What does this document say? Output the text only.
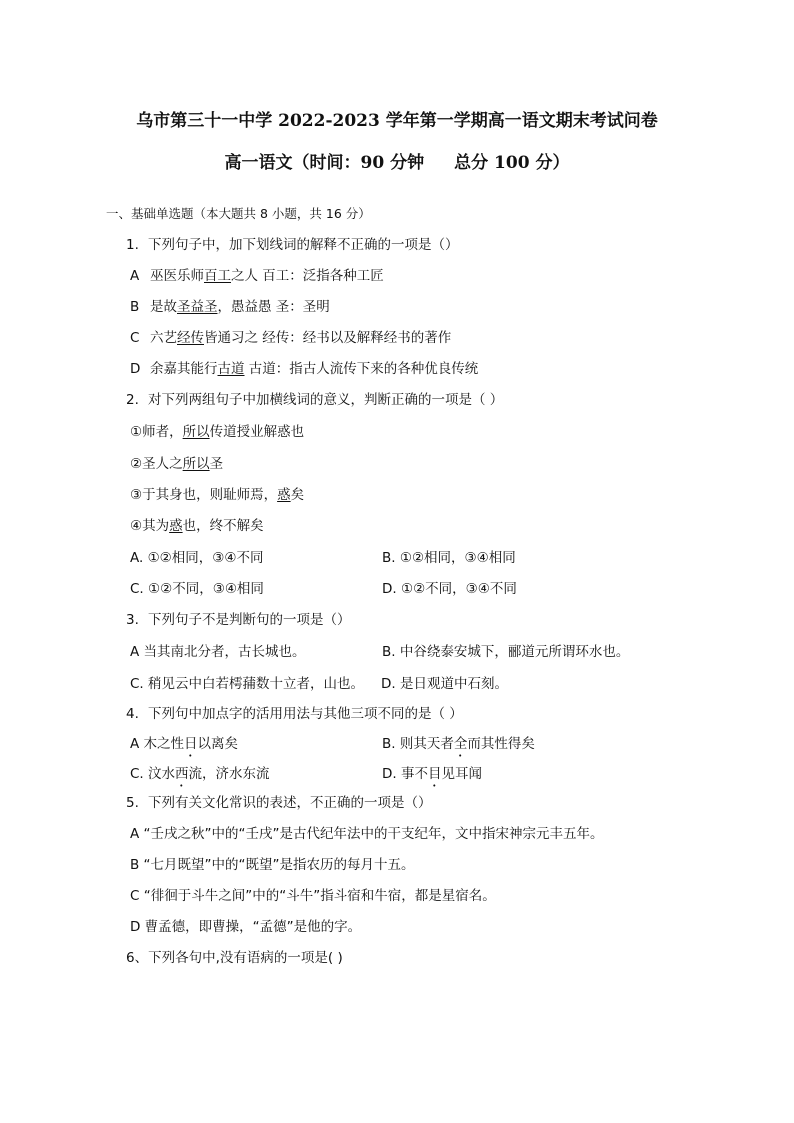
乌市第三十一中学 2022-2023 学年第一学期高一语文期末考试问卷
高一语文（时间：90 分钟 总分 100 分）
一、基础单选题（本大题共 8 小题，共 16 分）
1. 下列句子中，加下划线词的解释不正确的一项是（）
A 巫医乐师百工之人 百工：泛指各种工匠
B 是故圣益圣，愚益愚 圣：圣明
C 六艺经传皆通习之 经传：经书以及解释经书的著作
D 余嘉其能行古道 古道：指古人流传下来的各种优良传统
2. 对下列两组句子中加横线词的意义，判断正确的一项是（ ）
①师者，所以传道授业解惑也
②圣人之所以圣
③于其身也，则耻师焉，惑矣
④其为惑也，终不解矣
A. ①②相同，③④不同	B. ①②相同，③④相同
C. ①②不同，③④相同	D. ①②不同，③④不同
3. 下列句子不是判断句的一项是（）
A 当其南北分者，古长城也。	B. 中谷绕泰安城下，郦道元所谓环水也。
C. 稍见云中白若樗蒱数十立者，山也。 D. 是日观道中石刻。
4. 下列句中加点字的活用用法与其他三项不同的是（ ）
A 木之性日以离矣	B. 则其天者全而其性得矣
C. 汶水西流，济水东流	D. 事不目见耳闻
5. 下列有关文化常识的表述，不正确的一项是（）
A “壬戌之秋”中的“壬戌”是古代纪年法中的干支纪年，文中指宋神宗元丰五年。
B “七月既望”中的“既望”是指农历的每月十五。
C “徘徊于斗牛之间”中的“斗牛”指斗宿和牛宿，都是星宿名。
D 曹孟德，即曹操，“孟德”是他的字。
6、下列各句中,没有语病的一项是( )
